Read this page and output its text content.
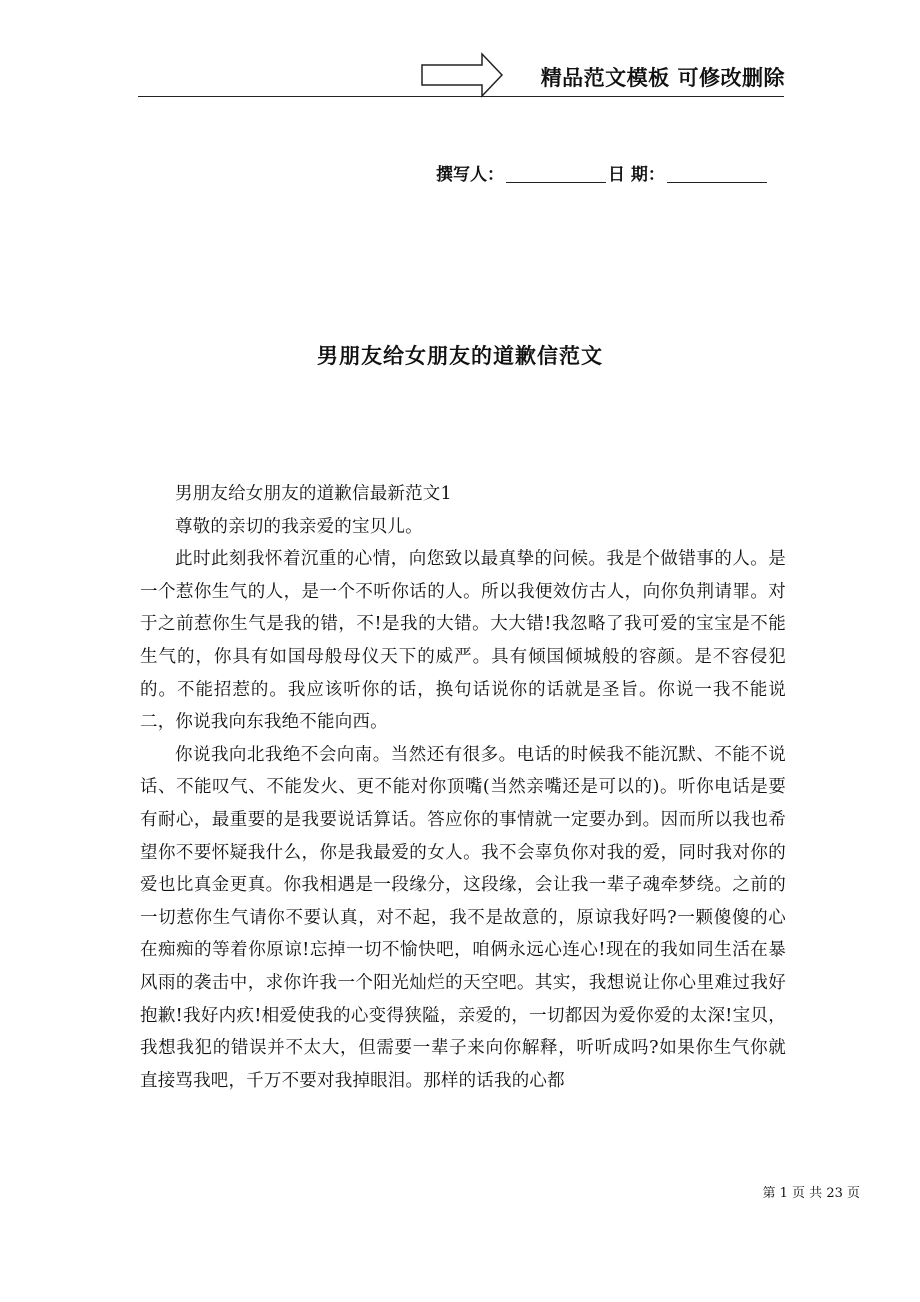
精品范文模板 可修改删除
撰写人：	日 期：
男朋友给女朋友的道歉信范文

男朋友给女朋友的道歉信最新范文1

尊敬的亲切的我亲爱的宝贝儿。

此时此刻我怀着沉重的心情，向您致以最真挚的问候。我是个做错事的人。是一个惹你生气的人，是一个不听你话的人。所以我便效仿古人，向你负荆请罪。对于之前惹你生气是我的错，不!是我的大错。大大错!我忽略了我可爱的宝宝是不能生气的，你具有如国母般母仪天下的威严。具有倾国倾城般的容颜。是不容侵犯的。不能招惹的。我应该听你的话，换句话说你的话就是圣旨。你说一我不能说二，你说我向东我绝不能向西。

你说我向北我绝不会向南。当然还有很多。电话的时候我不能沉默、不能不说话、不能叹气、不能发火、更不能对你顶嘴(当然亲嘴还是可以的)。听你电话是要有耐心，最重要的是我要说话算话。答应你的事情就一定要办到。因而所以我也希望你不要怀疑我什么，你是我最爱的女人。我不会辜负你对我的爱，同时我对你的爱也比真金更真。你我相遇是一段缘分，这段缘，会让我一辈子魂牵梦绕。之前的一切惹你生气请你不要认真，对不起，我不是故意的，原谅我好吗?一颗傻傻的心在痴痴的等着你原谅!忘掉一切不愉快吧，咱俩永远心连心!现在的我如同生活在暴风雨的袭击中，求你许我一个阳光灿烂的天空吧。其实，我想说让你心里难过我好抱歉!我好内疚!相爱使我的心变得狭隘，亲爱的，一切都因为爱你爱的太深!宝贝，我想我犯的错误并不太大，但需要一辈子来向你解释，听听成吗?如果你生气你就直接骂我吧，千万不要对我掉眼泪。那样的话我的心都

第 1 页 共 23 页
